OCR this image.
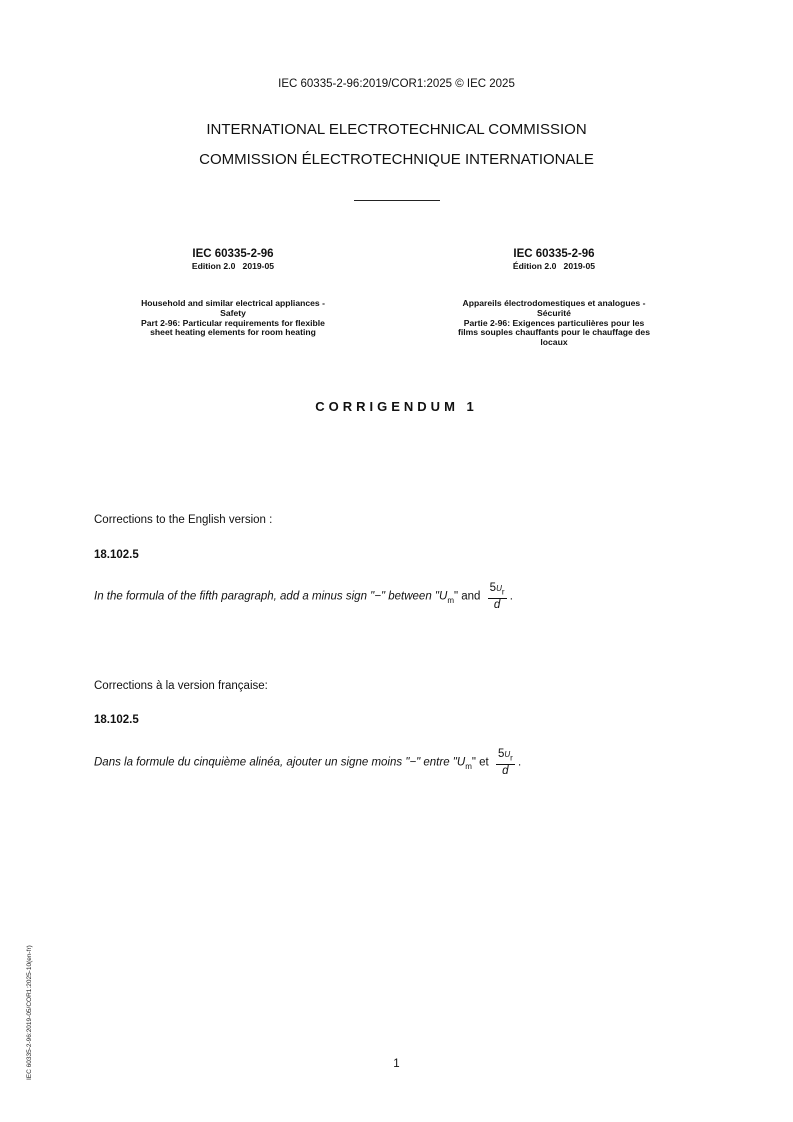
IEC 60335-2-96:2019/COR1:2025 © IEC 2025
INTERNATIONAL ELECTROTECHNICAL COMMISSION
COMMISSION ÉLECTROTECHNIQUE INTERNATIONALE
IEC 60335-2-96
Edition 2.0   2019-05
Household and similar electrical appliances -
Safety
Part 2-96: Particular requirements for flexible
sheet heating elements for room heating
IEC 60335-2-96
Édition 2.0   2019-05
Appareils électrodomestiques et analogues -
Sécurité
Partie 2-96: Exigences particulières pour les
films souples chauffants pour le chauffage des
locaux
CORRIGENDUM 1
Corrections to the English version :
18.102.5
In the formula of the fifth paragraph, add a minus sign "−" between "$U_m$" and $\frac{5U_r}{d}$ .
Corrections à la version française:
18.102.5
Dans la formule du cinquième alinéa, ajouter un signe moins "−" entre "$U_m$" et $\frac{5U_r}{d}$ .
1
IEC 60335-2-96:2019-05/COR1:2025-10(en-fr)
